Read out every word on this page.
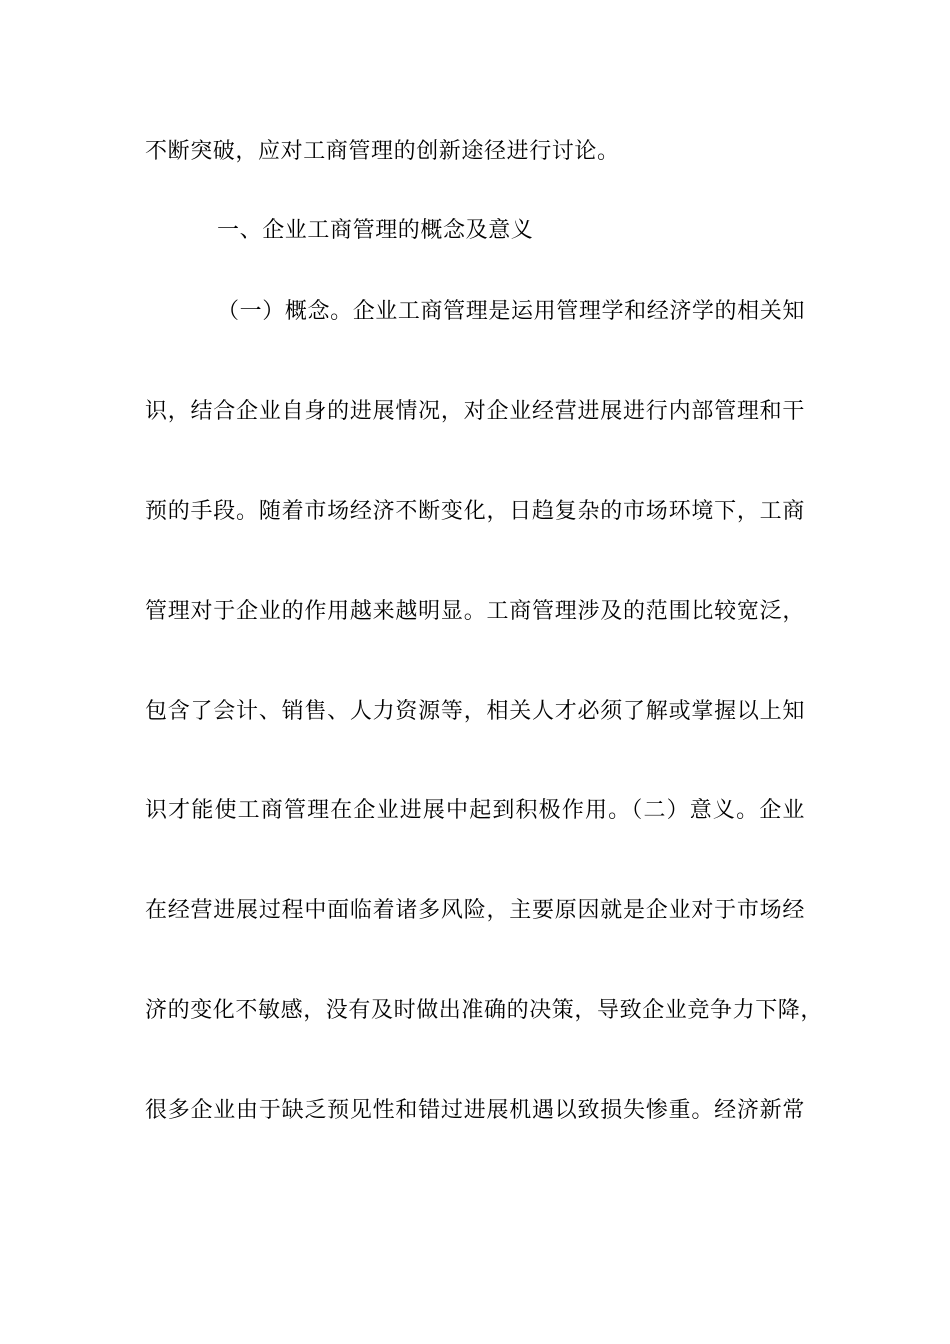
不断突破，应对工商管理的创新途径进行讨论。
一、企业工商管理的概念及意义
（一）概念。企业工商管理是运用管理学和经济学的相关知
识，结合企业自身的进展情况，对企业经营进展进行内部管理和干
预的手段。随着市场经济不断变化，日趋复杂的市场环境下，工商
管理对于企业的作用越来越明显。工商管理涉及的范围比较宽泛，
包含了会计、销售、人力资源等，相关人才必须了解或掌握以上知
识才能使工商管理在企业进展中起到积极作用。（二）意义。企业
在经营进展过程中面临着诸多风险，主要原因就是企业对于市场经
济的变化不敏感，没有及时做出准确的决策，导致企业竞争力下降，
很多企业由于缺乏预见性和错过进展机遇以致损失惨重。经济新常
